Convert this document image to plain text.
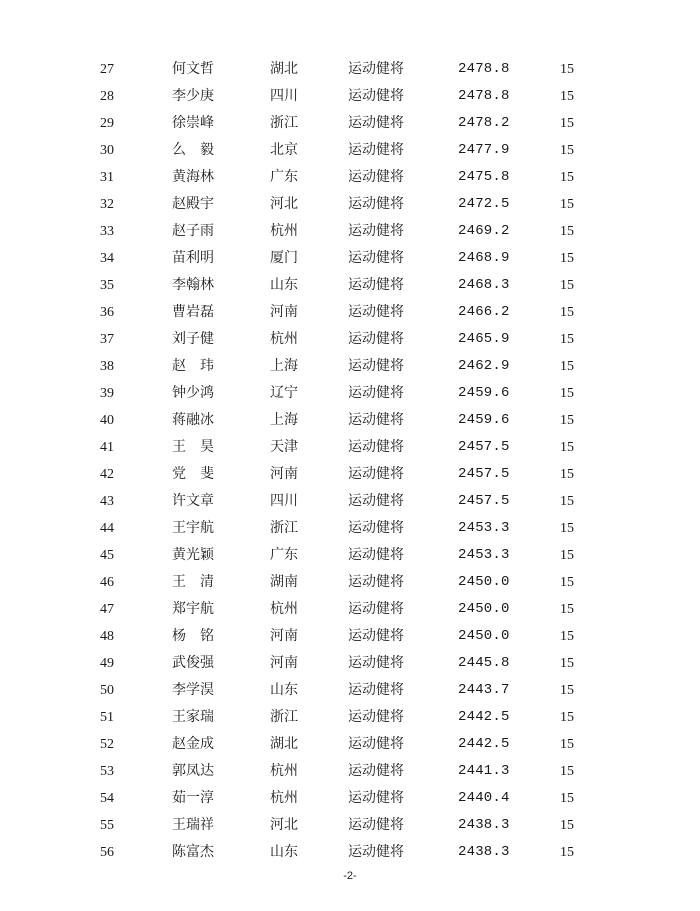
27	何文哲	湖北	运动健将	2478.8	15
28	李少庚	四川	运动健将	2478.8	15
29	徐崇峰	浙江	运动健将	2478.2	15
30	么　毅	北京	运动健将	2477.9	15
31	黄海林	广东	运动健将	2475.8	15
32	赵殿宇	河北	运动健将	2472.5	15
33	赵子雨	杭州	运动健将	2469.2	15
34	苗利明	厦门	运动健将	2468.9	15
35	李翰林	山东	运动健将	2468.3	15
36	曹岩磊	河南	运动健将	2466.2	15
37	刘子健	杭州	运动健将	2465.9	15
38	赵　玮	上海	运动健将	2462.9	15
39	钟少鸿	辽宁	运动健将	2459.6	15
40	蒋融冰	上海	运动健将	2459.6	15
41	王　昊	天津	运动健将	2457.5	15
42	党　斐	河南	运动健将	2457.5	15
43	许文章	四川	运动健将	2457.5	15
44	王宇航	浙江	运动健将	2453.3	15
45	黄光颖	广东	运动健将	2453.3	15
46	王　清	湖南	运动健将	2450.0	15
47	郑宇航	杭州	运动健将	2450.0	15
48	杨　铭	河南	运动健将	2450.0	15
49	武俊强	河南	运动健将	2445.8	15
50	李学淏	山东	运动健将	2443.7	15
51	王家瑞	浙江	运动健将	2442.5	15
52	赵金成	湖北	运动健将	2442.5	15
53	郭凤达	杭州	运动健将	2441.3	15
54	茹一淳	杭州	运动健将	2440.4	15
55	王瑞祥	河北	运动健将	2438.3	15
56	陈富杰	山东	运动健将	2438.3	15
-2-
